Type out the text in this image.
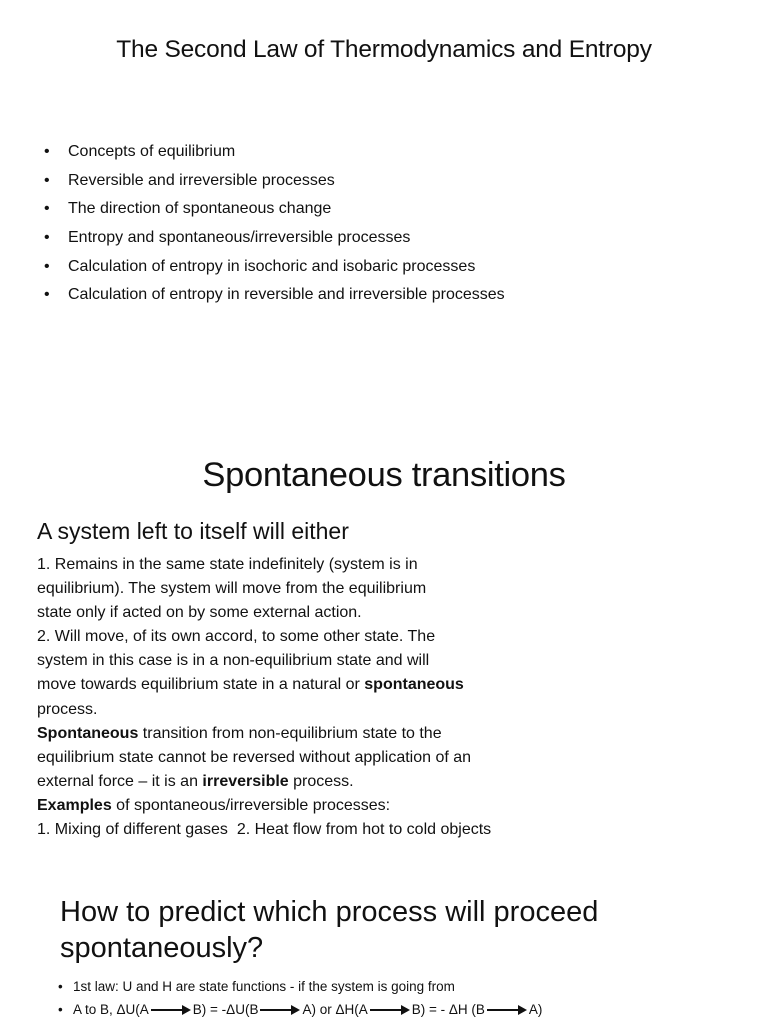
The Second Law of Thermodynamics and Entropy
• Concepts of equilibrium
• Reversible and irreversible processes
• The direction of spontaneous change
• Entropy and spontaneous/irreversible processes
• Calculation of entropy in isochoric and isobaric processes
• Calculation of entropy in reversible and irreversible processes
Spontaneous transitions
A system left to itself will either
1. Remains in the same state indefinitely (system is in
equilibrium). The system will move from the equilibrium
state only if acted on by some external action.
2. Will move, of its own accord, to some other state. The
system in this case is in a non-equilibrium state and will
move towards equilibrium state in a natural or spontaneous
process.
Spontaneous transition from non-equilibrium state to the
equilibrium state cannot be reversed without application of an
external force – it is an irreversible process.
Examples of spontaneous/irreversible processes:
1. Mixing of different gases  2. Heat flow from hot to cold objects
How to predict which process will proceed spontaneously?
• 1st law: U and H are state functions - if the system is going from
• A to B, ΔU(A	B) = -ΔU(B	A) or ΔH(A	B) = - ΔH (B	A)
